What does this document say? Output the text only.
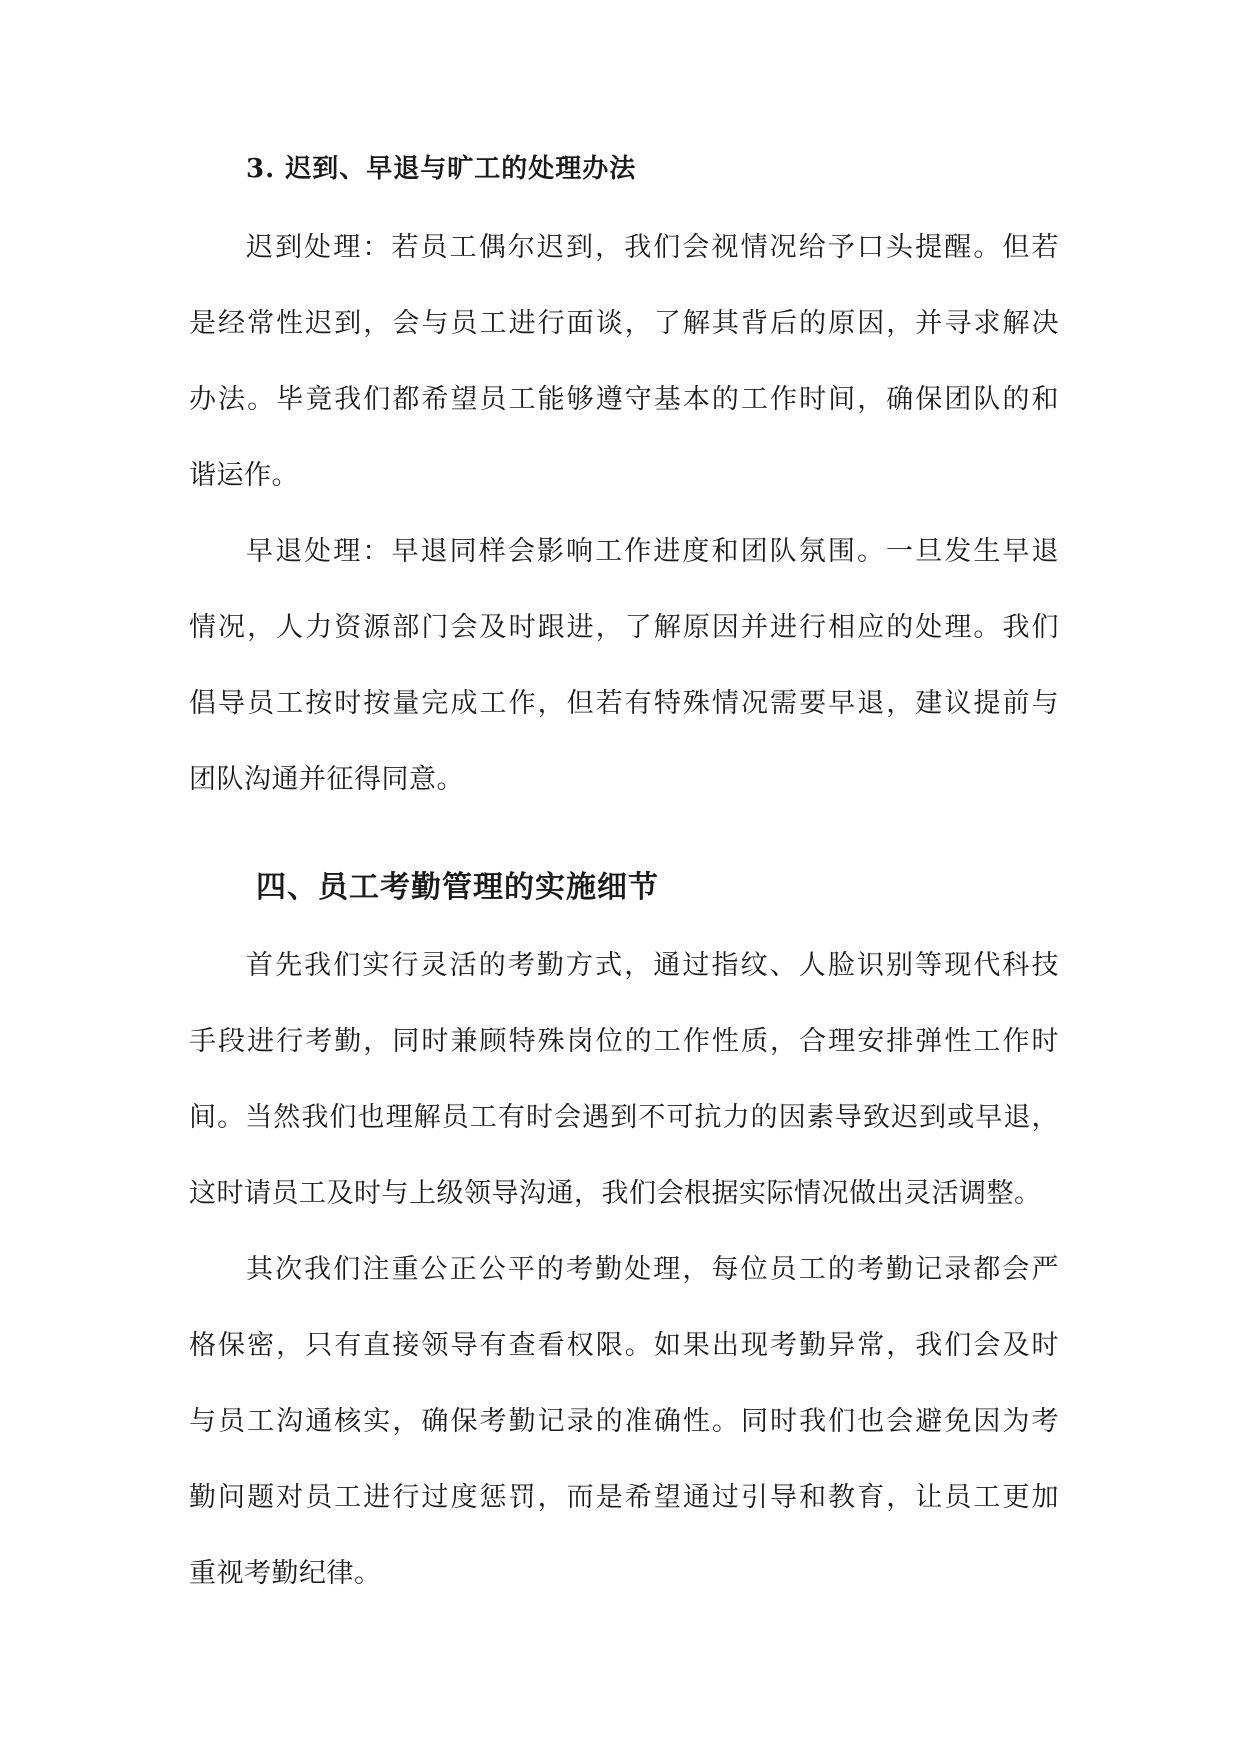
3. 迟到、早退与旷工的处理办法
迟到处理：若员工偶尔迟到，我们会视情况给予口头提醒。但若
是经常性迟到，会与员工进行面谈，了解其背后的原因，并寻求解决
办法。毕竟我们都希望员工能够遵守基本的工作时间，确保团队的和
谐运作。
早退处理：早退同样会影响工作进度和团队氛围。一旦发生早退
情况，人力资源部门会及时跟进，了解原因并进行相应的处理。我们
倡导员工按时按量完成工作，但若有特殊情况需要早退，建议提前与
团队沟通并征得同意。
四、员工考勤管理的实施细节
首先我们实行灵活的考勤方式，通过指纹、人脸识别等现代科技
手段进行考勤，同时兼顾特殊岗位的工作性质，合理安排弹性工作时
间。当然我们也理解员工有时会遇到不可抗力的因素导致迟到或早退，
这时请员工及时与上级领导沟通，我们会根据实际情况做出灵活调整。
其次我们注重公正公平的考勤处理，每位员工的考勤记录都会严
格保密，只有直接领导有查看权限。如果出现考勤异常，我们会及时
与员工沟通核实，确保考勤记录的准确性。同时我们也会避免因为考
勤问题对员工进行过度惩罚，而是希望通过引导和教育，让员工更加
重视考勤纪律。
